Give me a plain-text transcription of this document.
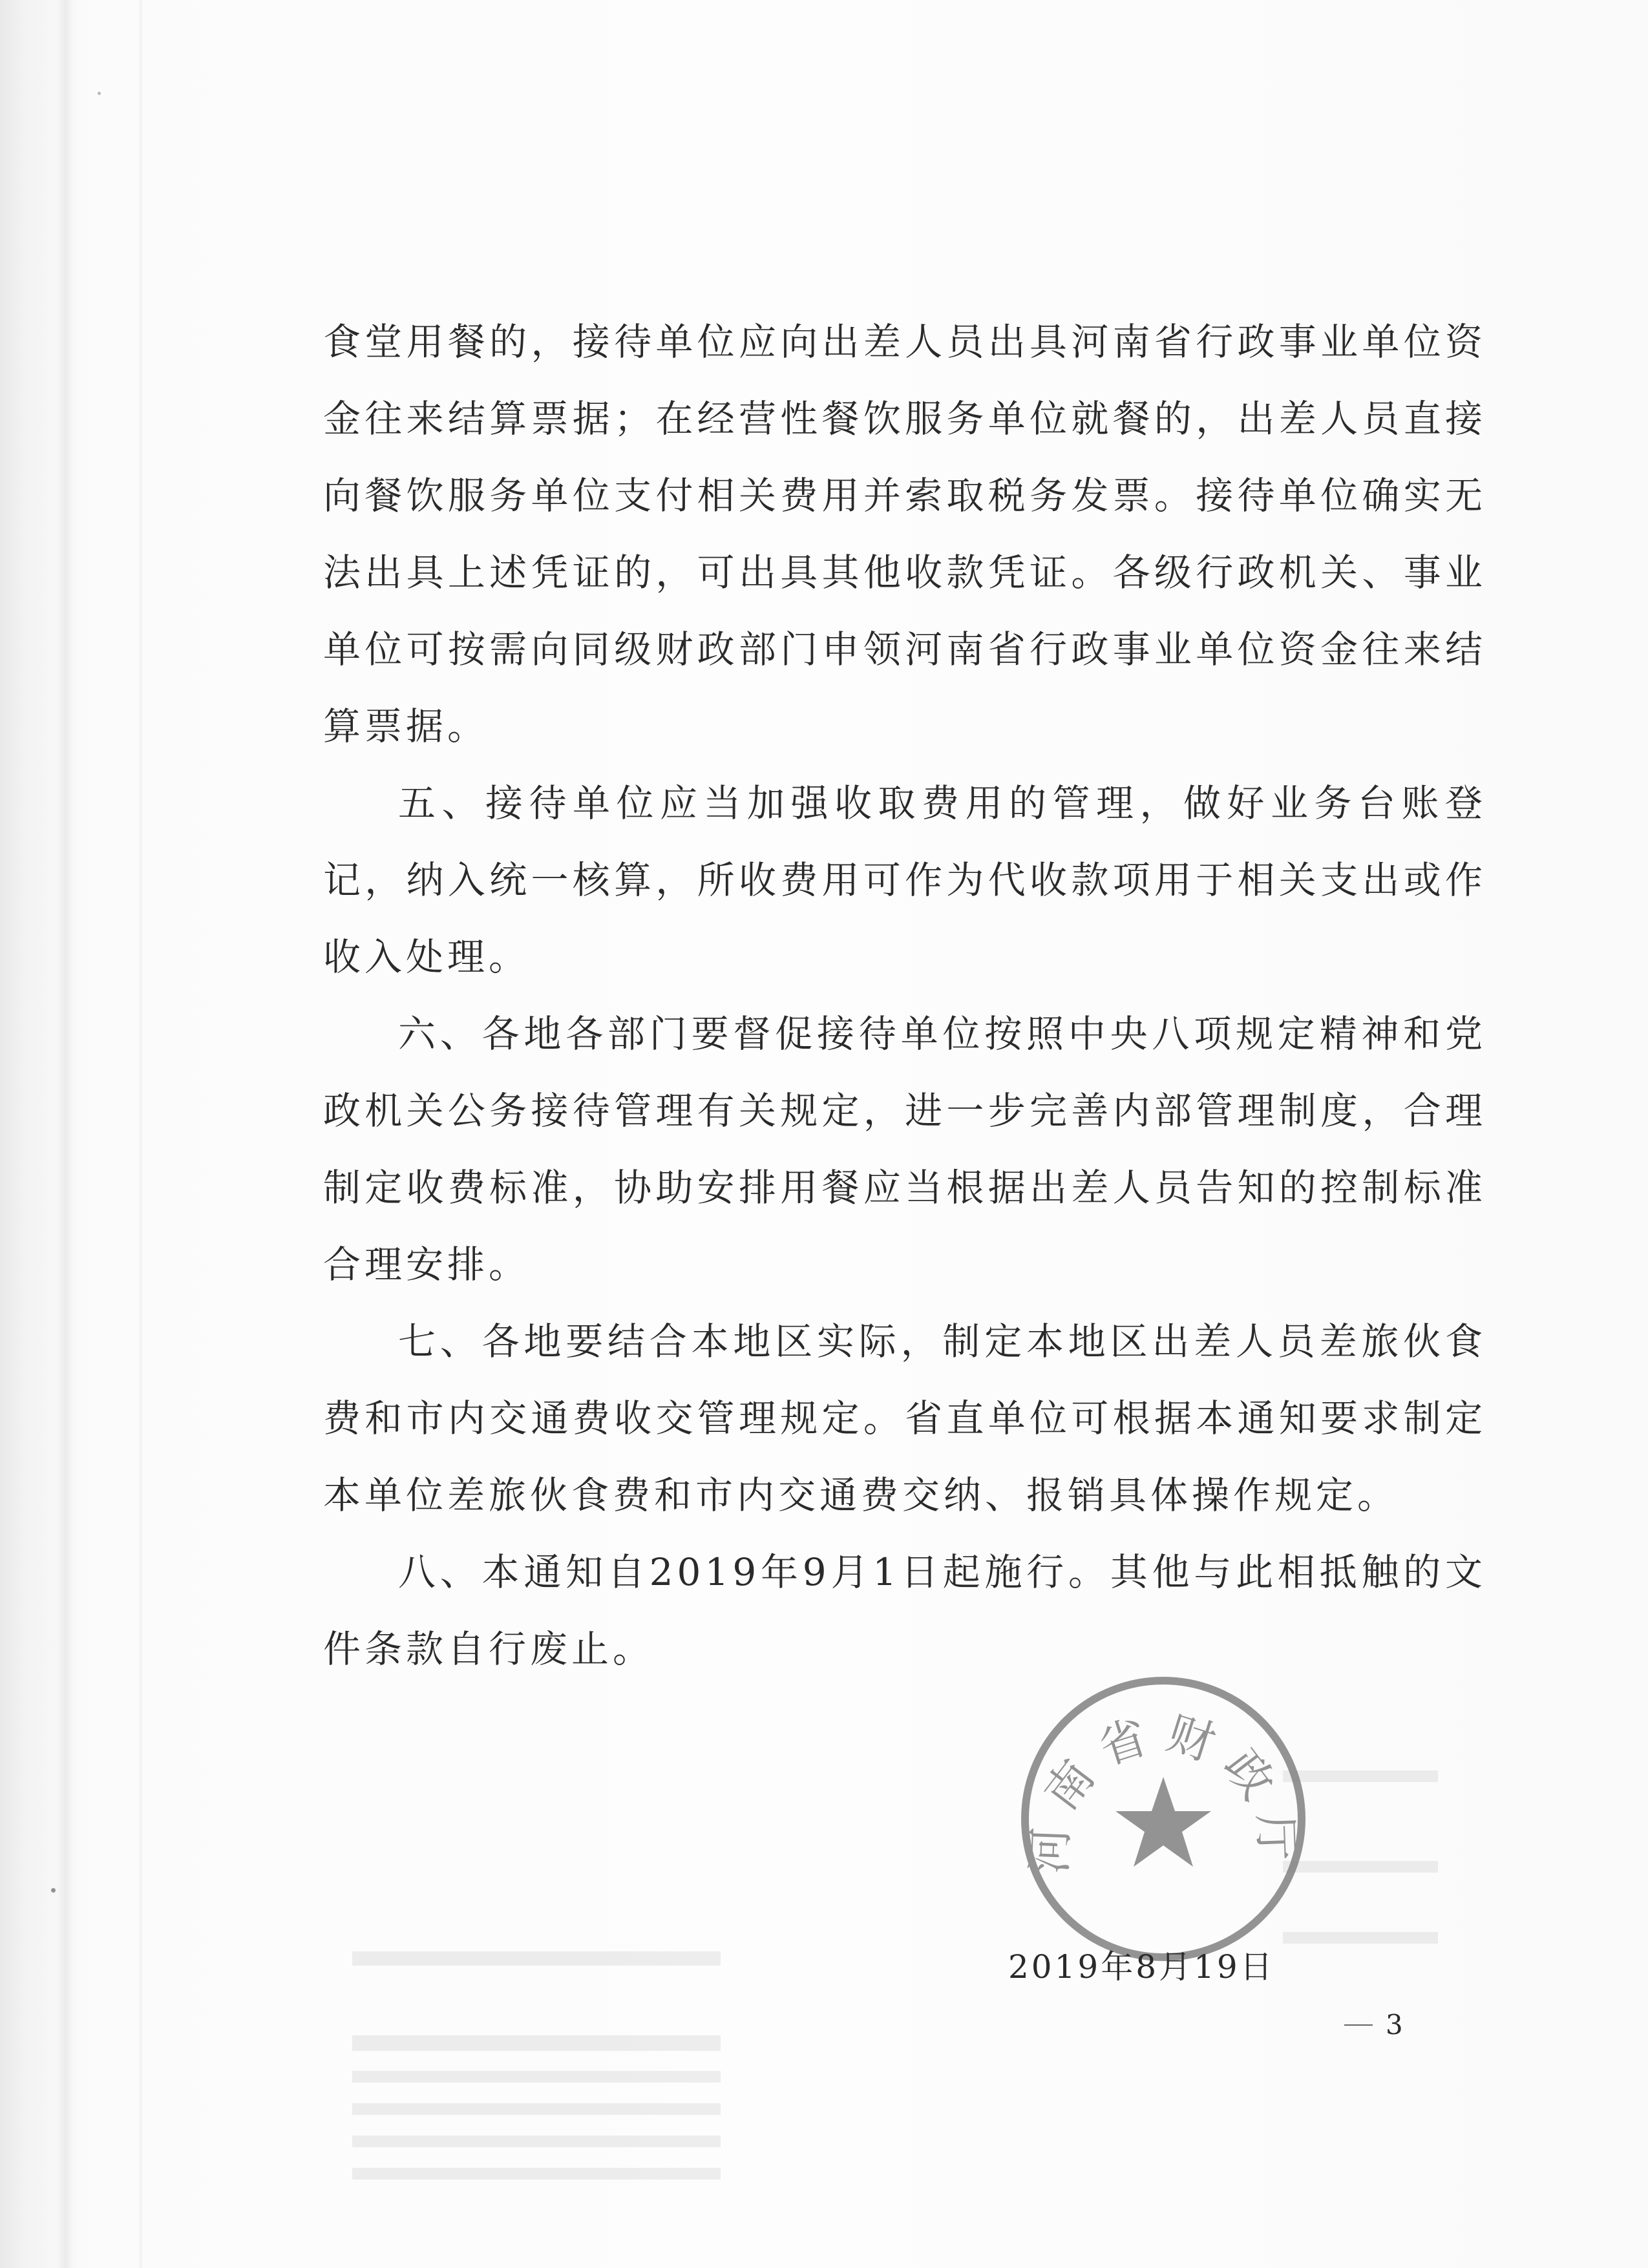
食堂用餐的，接待单位应向出差人员出具河南省行政事业单位资金往来结算票据；在经营性餐饮服务单位就餐的，出差人员直接向餐饮服务单位支付相关费用并索取税务发票。接待单位确实无法出具上述凭证的，可出具其他收款凭证。各级行政机关、事业单位可按需向同级财政部门申领河南省行政事业单位资金往来结算票据。

五、接待单位应当加强收取费用的管理，做好业务台账登记，纳入统一核算，所收费用可作为代收款项用于相关支出或作收入处理。

六、各地各部门要督促接待单位按照中央八项规定精神和党政机关公务接待管理有关规定，进一步完善内部管理制度，合理制定收费标准，协助安排用餐应当根据出差人员告知的控制标准合理安排。

七、各地要结合本地区实际，制定本地区出差人员差旅伙食费和市内交通费收交管理规定。省直单位可根据本通知要求制定本单位差旅伙食费和市内交通费交纳、报销具体操作规定。

八、本通知自2019年9月1日起施行。其他与此相抵触的文件条款自行废止。

河南省财政厅
2019年8月19日
3
